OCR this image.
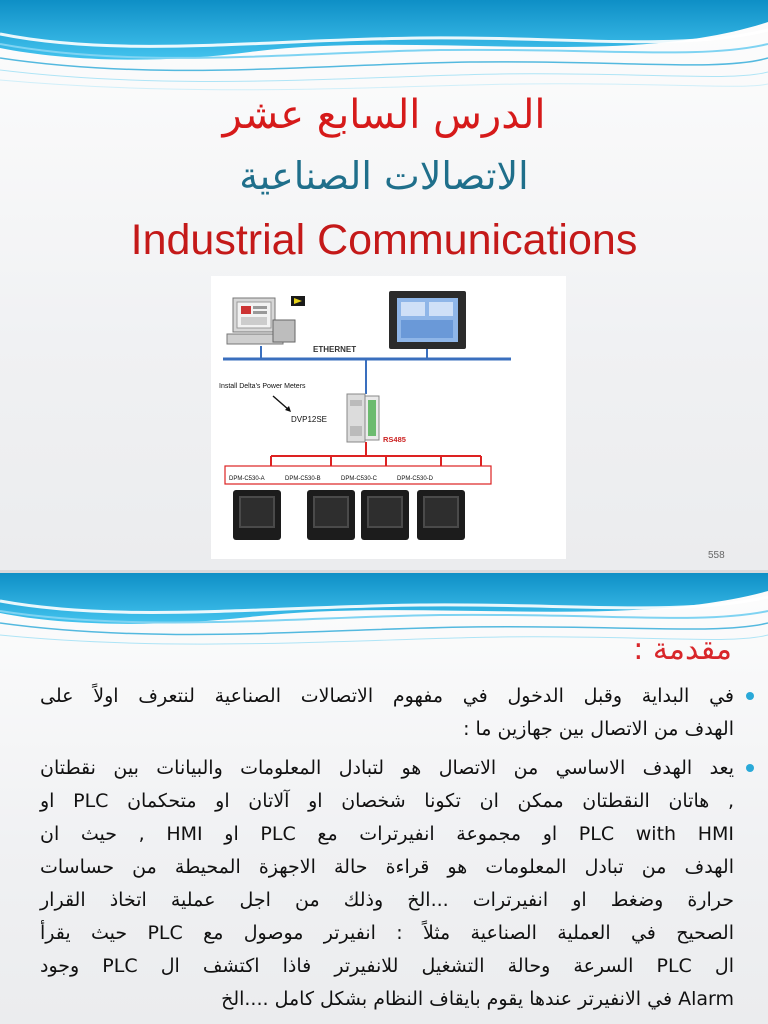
الدرس السابع عشر
الاتصالات الصناعية
Industrial Communications
ETHERNET
Install Delta's Power Meters
DVP12SE
RS485
DPM-C530-A	DPM-C530-B	DPM-C530-C	DPM-C530-D
558
مقدمة :
في البداية وقبل الدخول في مفهوم الاتصالات الصناعية لنتعرف اولاً على
الهدف من الاتصال بين جهازين ما :
يعد الهدف الاساسي من الاتصال هو لتبادل المعلومات والبيانات بين نقطتان
, هاتان النقطتان ممكن ان تكونا شخصان او آلاتان او متحكمان PLC او
PLC with HMI او مجموعة انفيرترات مع PLC او HMI , حيث ان
الهدف من تبادل المعلومات هو قراءة حالة الاجهزة المحيطة من حساسات
حرارة وضغط او انفيرترات ...الخ وذلك من اجل عملية اتخاذ القرار
الصحيح في العملية الصناعية مثلاً : انفيرتر موصول مع PLC حيث يقرأ
ال PLC السرعة وحالة التشغيل للانفيرتر فاذا اكتشف ال PLC وجود
Alarm في الانفيرتر عندها يقوم بايقاف النظام بشكل كامل ....الخ
